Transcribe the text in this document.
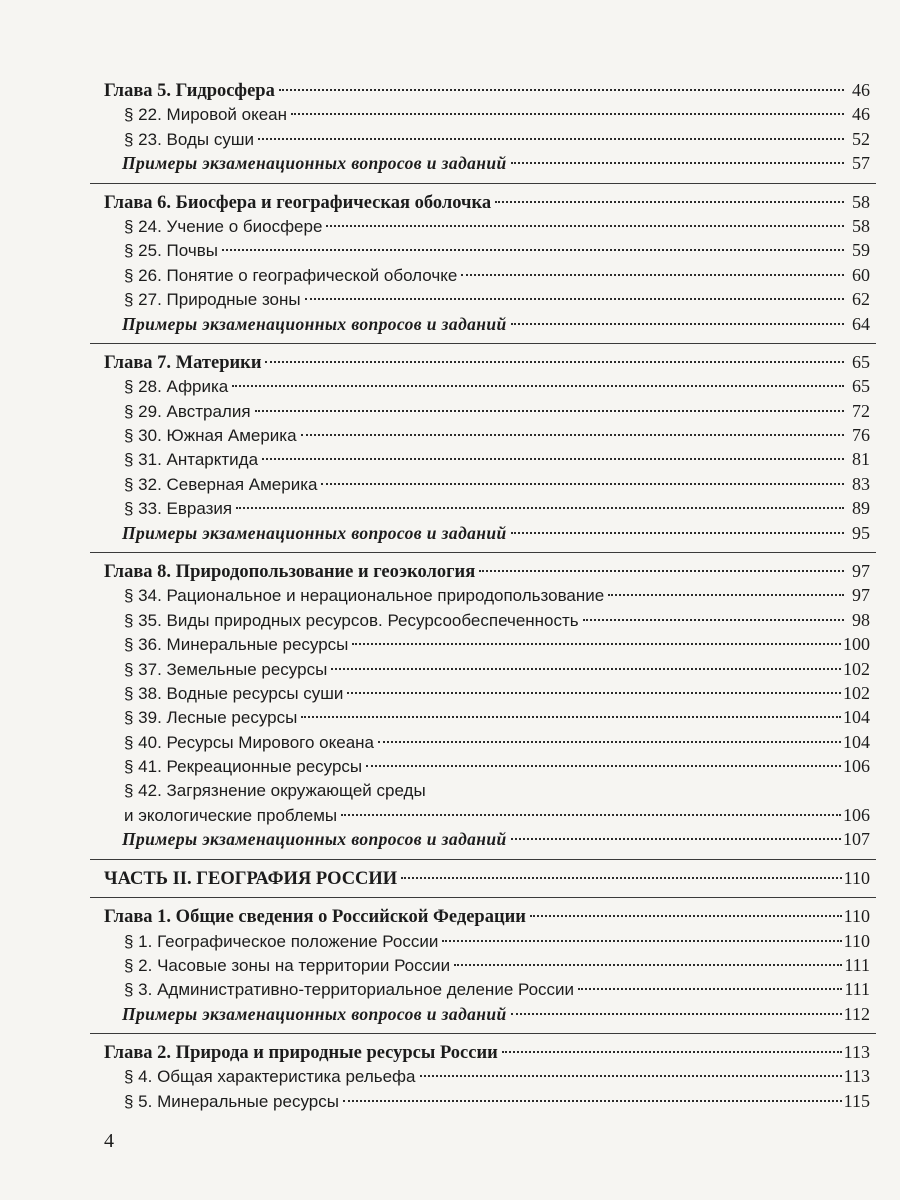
Глава 5. Гидросфера	46
§ 22. Мировой океан	46
§ 23. Воды суши	52
Примеры экзаменационных вопросов и заданий	57
Глава 6. Биосфера и географическая оболочка	58
§ 24. Учение о биосфере	58
§ 25. Почвы	59
§ 26. Понятие о географической оболочке	60
§ 27. Природные зоны	62
Примеры экзаменационных вопросов и заданий	64
Глава 7. Материки	65
§ 28. Африка	65
§ 29. Австралия	72
§ 30. Южная Америка	76
§ 31. Антарктида	81
§ 32. Северная Америка	83
§ 33. Евразия	89
Примеры экзаменационных вопросов и заданий	95
Глава 8. Природопользование и геоэкология	97
§ 34. Рациональное и нерациональное природопользование	97
§ 35. Виды природных ресурсов. Ресурсообеспеченность	98
§ 36. Минеральные ресурсы	100
§ 37. Земельные ресурсы	102
§ 38. Водные ресурсы суши	102
§ 39. Лесные ресурсы	104
§ 40. Ресурсы Мирового океана	104
§ 41. Рекреационные ресурсы	106
§ 42. Загрязнение окружающей среды
и экологические проблемы	106
Примеры экзаменационных вопросов и заданий	107
ЧАСТЬ II. ГЕОГРАФИЯ РОССИИ	110
Глава 1. Общие сведения о Российской Федерации	110
§ 1. Географическое положение России	110
§ 2. Часовые зоны на территории России	111
§ 3. Административно-территориальное деление России	111
Примеры экзаменационных вопросов и заданий	112
Глава 2. Природа и природные ресурсы России	113
§ 4. Общая характеристика рельефа	113
§ 5. Минеральные ресурсы	115
4
